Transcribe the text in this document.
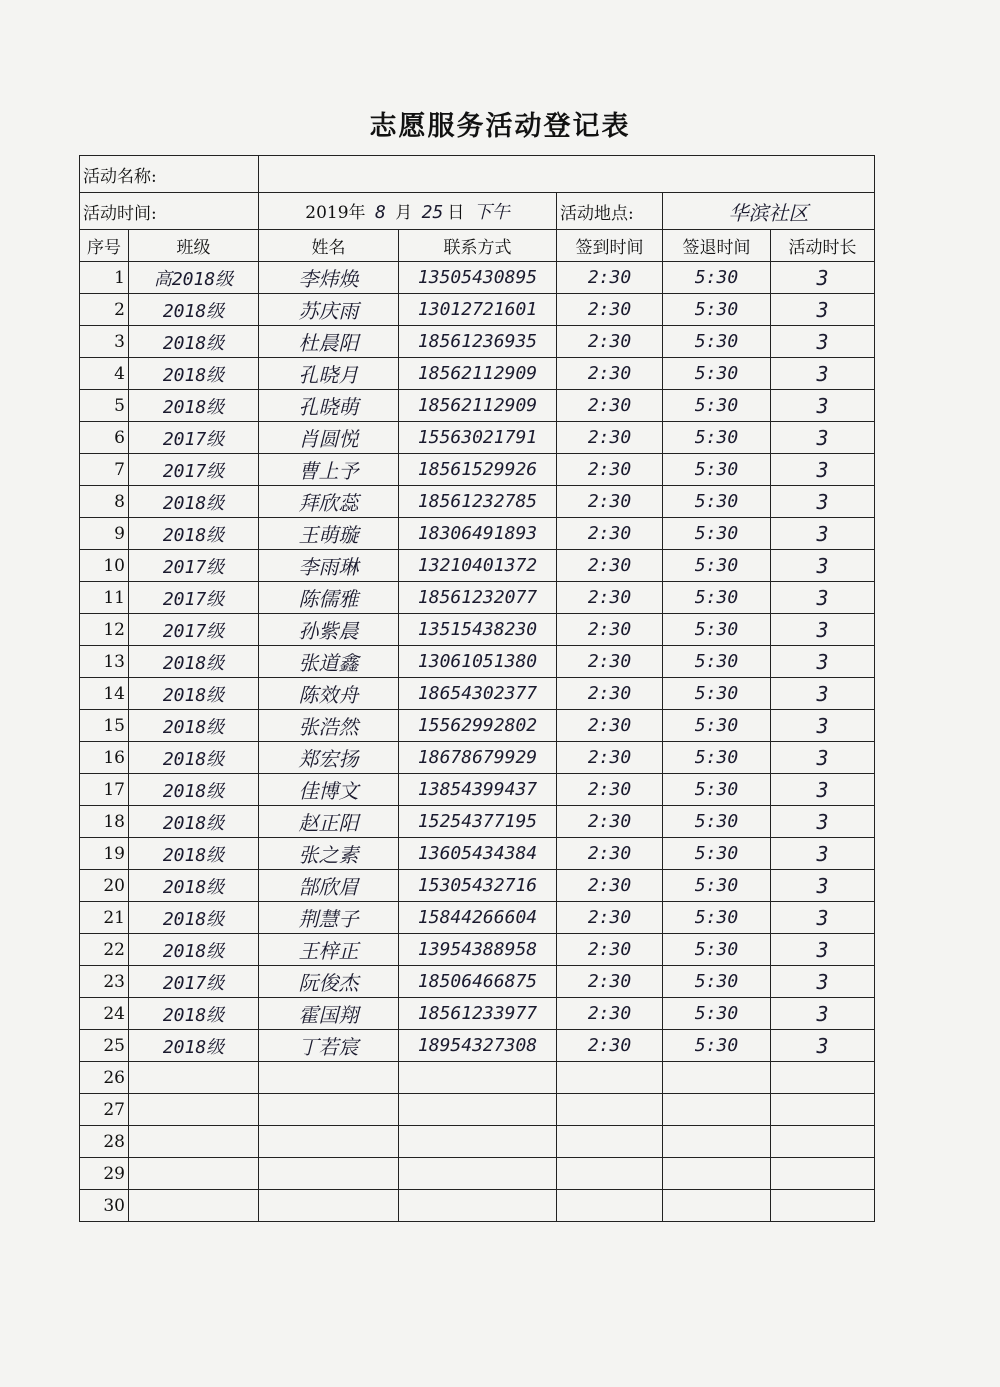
志愿服务活动登记表
活动名称:						
活动时间:		2019年 8 月 25 日 下午		活动地点:	华滨社区	
序号	班级	姓名	联系方式	签到时间	签退时间	活动时长
1	高2018级	李炜焕	13505430895	2:30	5:30	3
2	2018级	苏庆雨	13012721601	2:30	5:30	3
3	2018级	杜晨阳	18561236935	2:30	5:30	3
4	2018级	孔晓月	18562112909	2:30	5:30	3
5	2018级	孔晓萌	18562112909	2:30	5:30	3
6	2017级	肖圆悦	15563021791	2:30	5:30	3
7	2017级	曹上予	18561529926	2:30	5:30	3
8	2018级	拜欣蕊	18561232785	2:30	5:30	3
9	2018级	王萌璇	18306491893	2:30	5:30	3
10	2017级	李雨琳	13210401372	2:30	5:30	3
11	2017级	陈儒雅	18561232077	2:30	5:30	3
12	2017级	孙紫晨	13515438230	2:30	5:30	3
13	2018级	张道鑫	13061051380	2:30	5:30	3
14	2018级	陈效舟	18654302377	2:30	5:30	3
15	2018级	张浩然	15562992802	2:30	5:30	3
16	2018级	郑宏扬	18678679929	2:30	5:30	3
17	2018级	佳博文	13854399437	2:30	5:30	3
18	2018级	赵正阳	15254377195	2:30	5:30	3
19	2018级	张之素	13605434384	2:30	5:30	3
20	2018级	郜欣眉	15305432716	2:30	5:30	3
21	2018级	荆慧子	15844266604	2:30	5:30	3
22	2018级	王梓正	13954388958	2:30	5:30	3
23	2017级	阮俊杰	18506466875	2:30	5:30	3
24	2018级	霍国翔	18561233977	2:30	5:30	3
25	2018级	丁若宸	18954327308	2:30	5:30	3
26						
27						
28						
29						
30						
